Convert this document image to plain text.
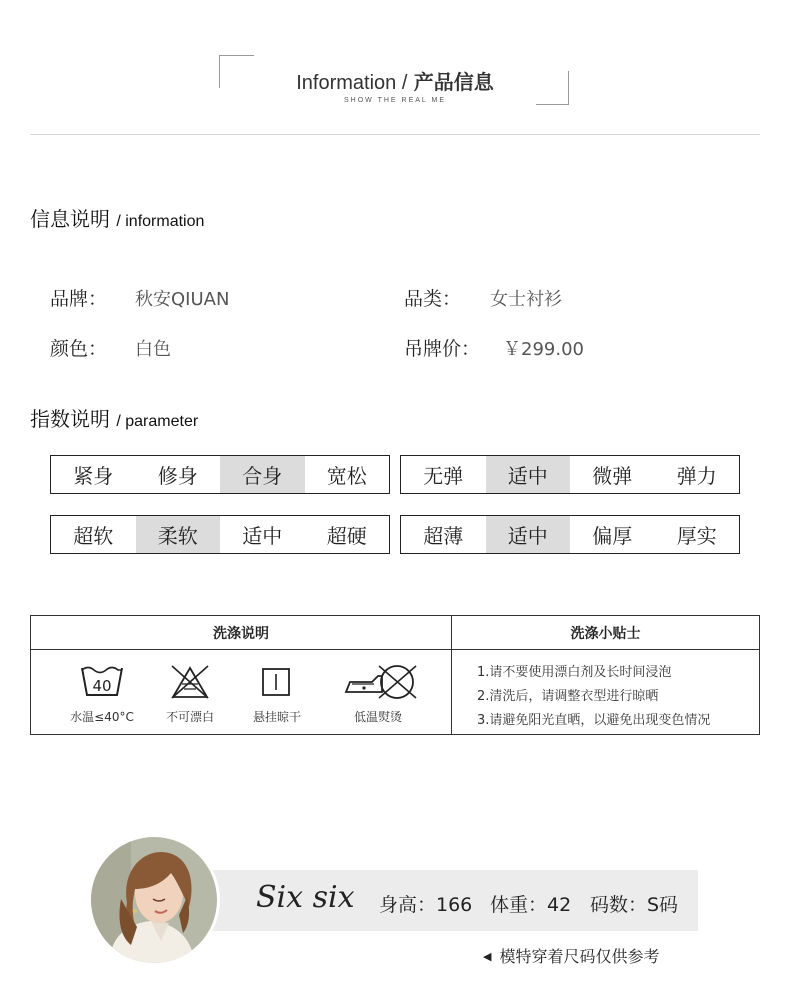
Information / 产品信息
SHOW THE REAL ME
信息说明 / information
品牌： 秋安QIUAN	品类： 女士衬衫
颜色： 白色	吊牌价： ￥299.00
指数说明 / parameter
紧身	修身	合身	宽松	无弹	适中	微弹	弹力
超软	柔软	适中	超硬	超薄	适中	偏厚	厚实
洗涤说明	洗涤小贴士
40
水温≤40°C	不可漂白	悬挂晾干	低温熨烫
1.请不要使用漂白剂及长时间浸泡
2.清洗后，请调整衣型进行晾晒
3.请避免阳光直晒，以避免出现变色情况
Six six 身高：166 体重：42 码数：S码
◀ 模特穿着尺码仅供参考
